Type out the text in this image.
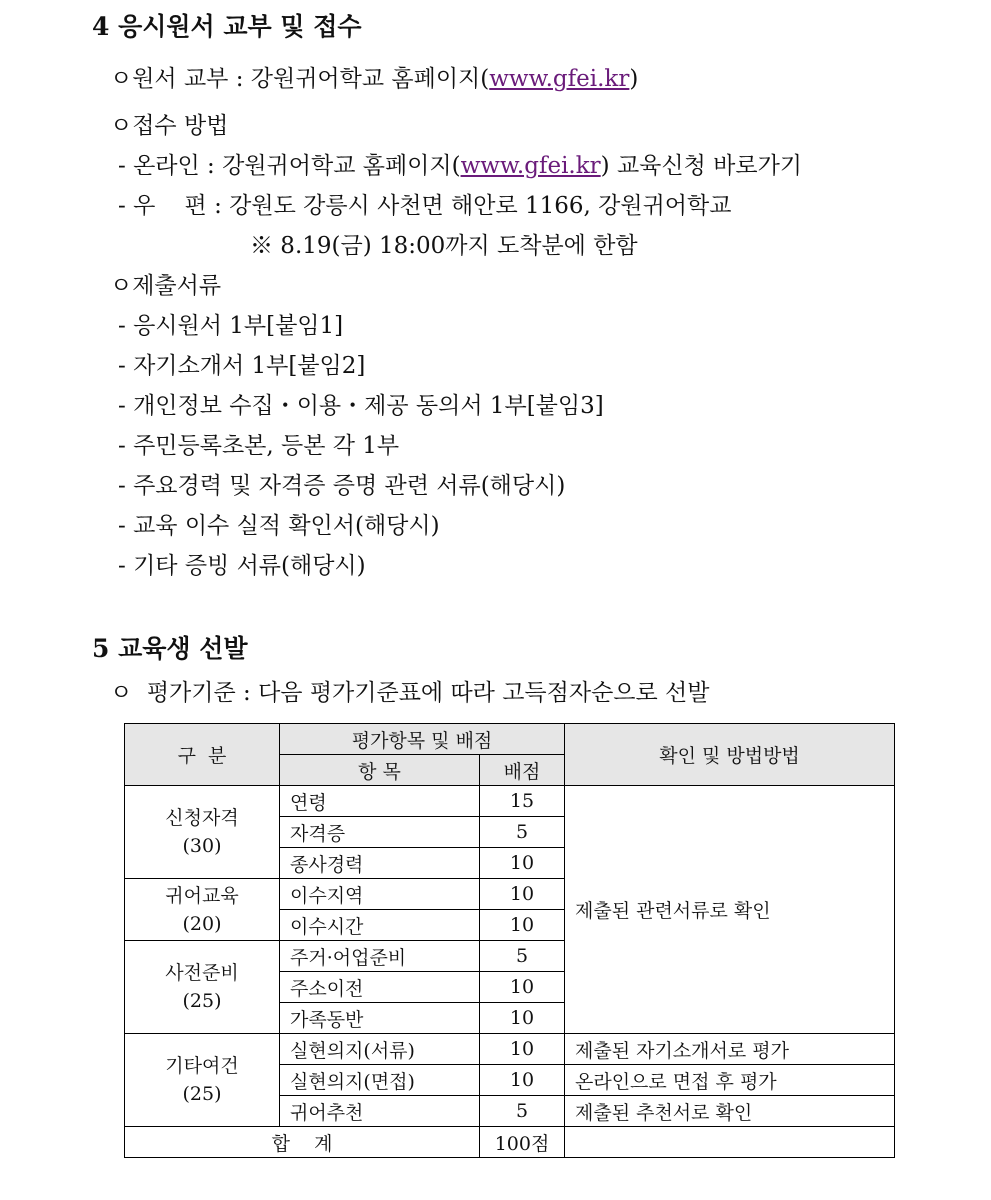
4 응시원서 교부 및 접수
ㅇ원서 교부 : 강원귀어학교 홈페이지(www.gfei.kr)
ㅇ접수 방법
- 온라인 : 강원귀어학교 홈페이지(www.gfei.kr) 교육신청 바로가기
- 우    편 : 강원도 강릉시 사천면 해안로 1166, 강원귀어학교
※ 8.19(금) 18:00까지 도착분에 한함
ㅇ제출서류
- 응시원서 1부[붙임1]
- 자기소개서 1부[붙임2]
- 개인정보 수집・이용・제공 동의서 1부[붙임3]
- 주민등록초본, 등본 각 1부
- 주요경력 및 자격증 증명 관련 서류(해당시)
- 교육 이수 실적 확인서(해당시)
- 기타 증빙 서류(해당시)
5 교육생 선발
ㅇ  평가기준 : 다음 평가기준표에 따라 고득점자순으로 선발
구  분	평가항목 및 배점		확인 및 방법방법
	항 목	배점	

신청자격
(30)	연령	15	제출된 관련서류로 확인
	자격증	5	
	종사경력	10	

귀어교육
(20)	이수지역	10	
	이수시간	10	

사전준비
(25)	주거·어업준비	5	
	주소이전	10	
	가족동반	10	

기타여건
(25)	실현의지(서류)	10	제출된 자기소개서로 평가
	실현의지(면접)	10	온라인으로 면접 후 평가
	귀어추천	5	제출된 추천서로 확인
합    계		100점	
